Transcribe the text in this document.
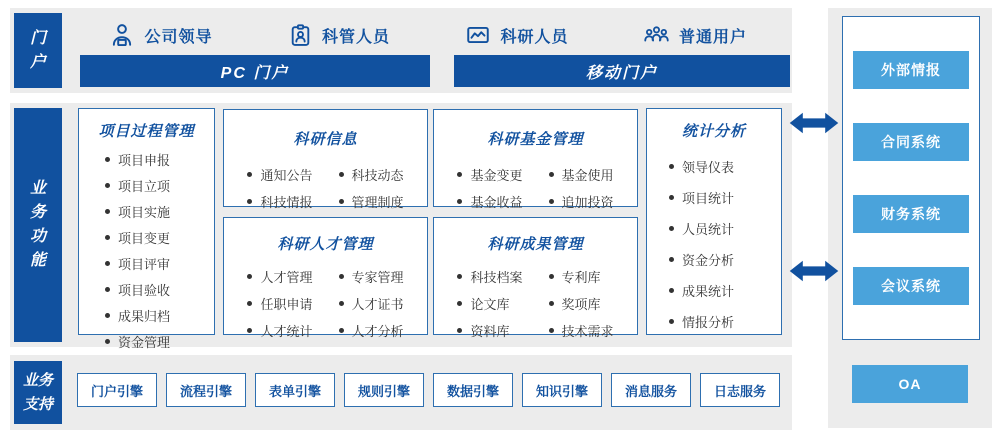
门户
公司领导	科管人员	科研人员	普通用户
PC 门户	移动门户
业务功能
项目过程管理
项目申报
项目立项
项目实施
项目变更
项目评审
项目验收
成果归档
资金管理
科研信息
通知公告
科技情报
科技动态
管理制度
科研人才管理
人才管理
任职申请
人才统计
专家管理
人才证书
人才分析
科研基金管理
基金变更
基金收益
基金使用
追加投资
科研成果管理
科技档案
论文库
资料库
专利库
奖项库
技术需求
统计分析
领导仪表
项目统计
人员统计
资金分析
成果统计
情报分析
业务支持
门户引擎	流程引擎	表单引擎	规则引擎	数据引擎	知识引擎	消息服务	日志服务
外部情报
合同系统
财务系统
会议系统
OA
